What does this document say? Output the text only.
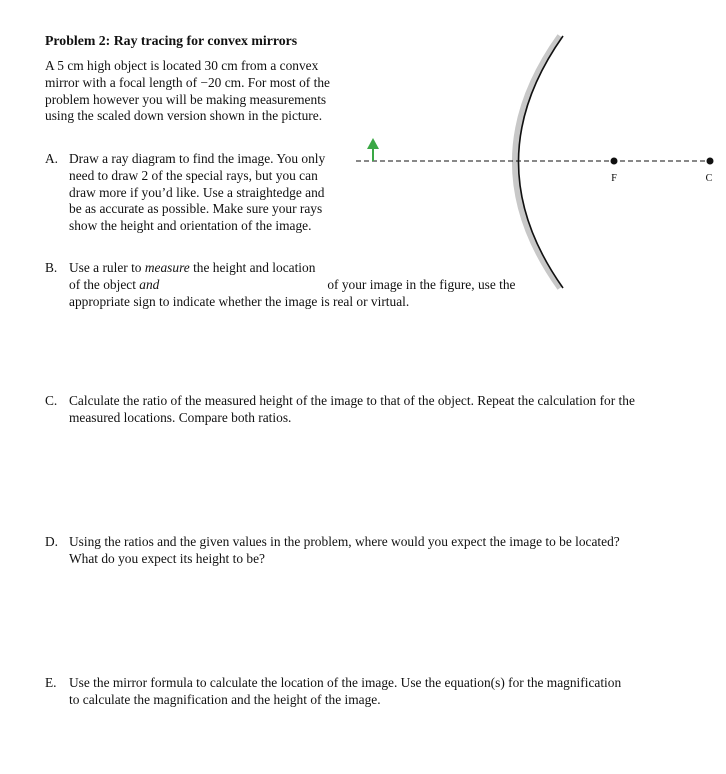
Problem 2: Ray tracing for convex mirrors
A 5 cm high object is located 30 cm from a convex mirror with a focal length of −20 cm. For most of the problem however you will be making measurements using the scaled down version shown in the picture.
A. Draw a ray diagram to find the image. You only need to draw 2 of the special rays, but you can draw more if you’d like. Use a straightedge and be as accurate as possible. Make sure your rays show the height and orientation of the image.
B. Use a ruler to measure the height and location of the object and	of your image in the figure, use the appropriate sign to indicate whether the image is real or virtual.
C. Calculate the ratio of the measured height of the image to that of the object. Repeat the calculation for the measured locations. Compare both ratios.
D. Using the ratios and the given values in the problem, where would you expect the image to be located? What do you expect its height to be?
E. Use the mirror formula to calculate the location of the image. Use the equation(s) for the magnification to calculate the magnification and the height of the image.
F	C
